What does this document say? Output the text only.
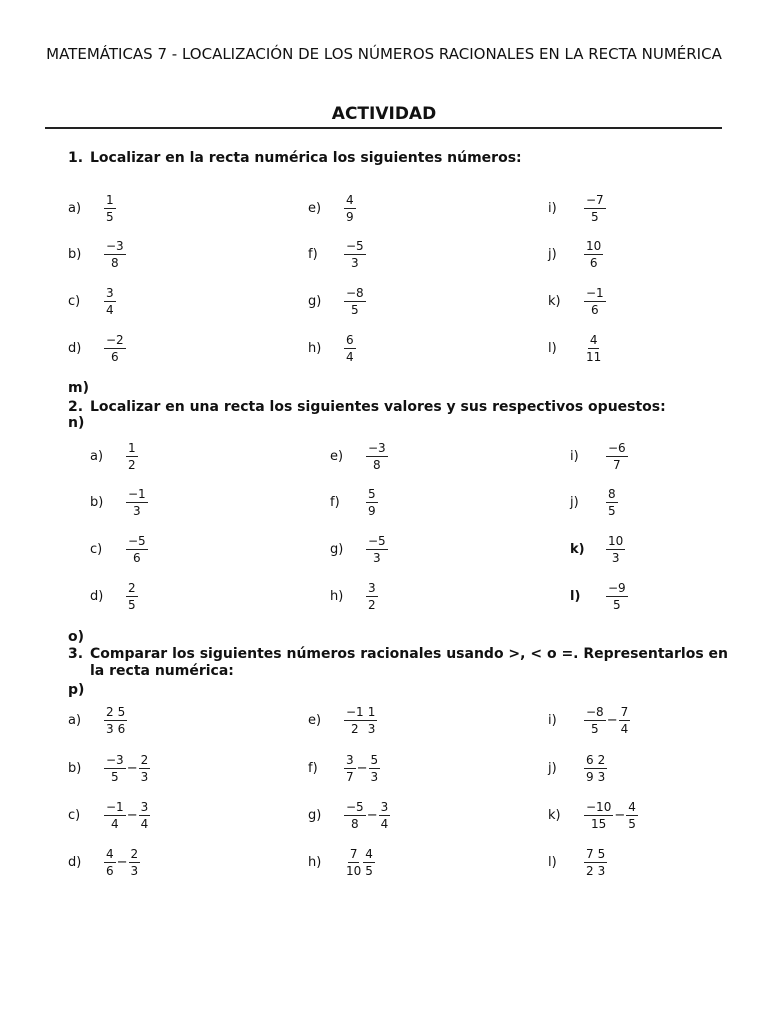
MATEMÁTICAS 7 - LOCALIZACIÓN DE LOS NÚMEROS RACIONALES EN LA RECTA NUMÉRICA
ACTIVIDAD
1. Localizar en la recta numérica los siguientes números:
a)	$\frac{1}{5}$
b)	$\frac{-3}{8}$
c)	$\frac{3}{4}$
d)	$\frac{-2}{6}$
e)	$\frac{4}{9}$
f)	$\frac{-5}{3}$
g)	$\frac{-8}{5}$
h)	$\frac{6}{4}$
i)	$\frac{-7}{5}$
j)	$\frac{10}{6}$
k)	$\frac{-1}{6}$
l)	$\frac{4}{11}$
m)
2. Localizar en una recta los siguientes valores y sus respectivos opuestos:
n)
a)	$\frac{1}{2}$
b)	$\frac{-1}{3}$
c)	$\frac{-5}{6}$
d)	$\frac{2}{5}$
e)	$\frac{-3}{8}$
f)	$\frac{5}{9}$
g)	$\frac{-5}{3}$
h)	$\frac{3}{2}$
i)	$\frac{-6}{7}$
j)	$\frac{8}{5}$
k)	$\frac{10}{3}$
l)	$\frac{-9}{5}$
o)
3. Comparar los siguientes números racionales usando >, < o =. Representarlos en
la recta numérica:
p)
a)	$\frac{2}{3} \frac{5}{6}$
b)	$\frac{-3}{5} - \frac{2}{3}$
c)	$\frac{-1}{4} - \frac{3}{4}$
d)	$\frac{4}{6} - \frac{2}{3}$
e)	$\frac{-1}{2} \frac{1}{3}$
f)	$\frac{3}{7} - \frac{5}{3}$
g)	$\frac{-5}{8} - \frac{3}{4}$
h)	$\frac{7}{10} \frac{4}{5}$
i)	$\frac{-8}{5} - \frac{7}{4}$
j)	$\frac{6}{9} \frac{2}{3}$
k)	$\frac{-10}{15} - \frac{4}{5}$
l)	$\frac{7}{2} \frac{5}{3}$
